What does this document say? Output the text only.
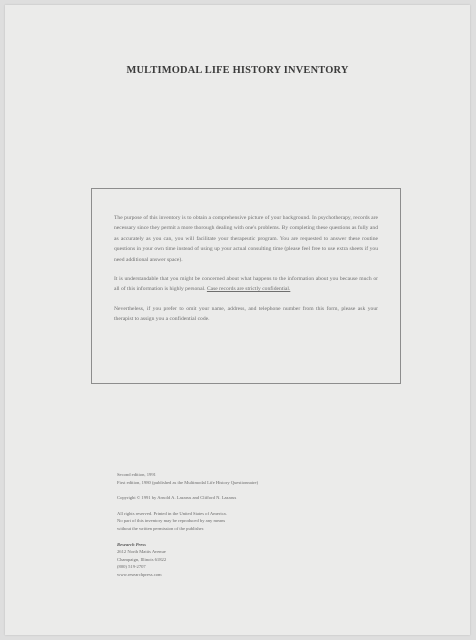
MULTIMODAL LIFE HISTORY INVENTORY

The purpose of this inventory is to obtain a comprehensive picture of your background. In psychotherapy, records are necessary since they permit a more thorough dealing with one's problems. By completing these questions as fully and as accurately as you can, you will facilitate your therapeutic program. You are requested to answer these routine questions in your own time instead of using up your actual consulting time (please feel free to use extra sheets if you need additional answer space).

It is understandable that you might be concerned about what happens to the information about you because much or all of this information is highly personal. Case records are strictly confidential.

Nevertheless, if you prefer to omit your name, address, and telephone number from this form, please ask your therapist to assign you a confidential code.

Second edition, 1991
First edition, 1980 (published as the Multimodal Life History Questionnaire)
Copyright © 1991 by Arnold A. Lazarus and Clifford N. Lazarus
All rights reserved. Printed in the United States of America.
No part of this inventory may be reproduced by any means
without the written permission of the publisher.
Research Press
2612 North Mattis Avenue
Champaign, Illinois 61822
(800) 519-2707
www.researchpress.com
